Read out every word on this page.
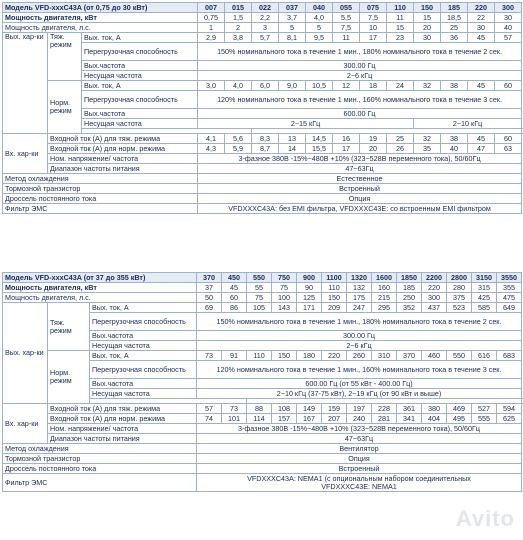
Модель VFD-xxxC43A (от 0,75 до 30 кВт)			007	015	022	037	040	055	075	110	150	185	220	300
Мощность двигателя, кВт			0,75	1,5	2,2	3,7	4,0	5,5	7,5	11	15	18,5	22	30
Мощность двигателя, л.с.			1	2	3	5	5	7,5	10	15	20	25	30	40
Вых. хар-ки	Тяж. режим	Вых. ток, A	2,9	3,8	5,7	8,1	9,5	11	17	23	30	36	45	57
		Перегрузочная способность	150% номинального тока в течение 1 мин., 180% номинального тока в течение 2 сек.											
		Вых.частота	300.00 Гц											
		Несущая частота	2~6 кГц											
	Норм. режим	Вых. ток, A	3,0	4,0	6,0	9,0	10,5	12	18	24	32	38	45	60
		Перегрузочная способность	120% номинального тока в течение 1 мин., 160% номинального тока в течение 3 сек.											
		Вых.частота	600.00 Гц											
		Несущая частота	2~15 кГц								2~10 кГц			

Вх. хар-ки	Входной ток (А) для тяж. режима		4,1	5,6	8,3	13	14,5	16	19	25	32	38	45	60
	Входной ток (А) для норм. режима		4,3	5,9	8,7	14	15,5	17	20	26	35	40	47	63
	Ном. напряжение/ частота		3-фазное 380В -15%~480В +10% (323~528В переменного тока), 50/60Гц											
	Диапазон частоты питания		47~63Гц											
Метод охлаждения			Естественное											
Тормозной транзистор			Встроенный											
Дроссель постоянного тока			Опция											
Фильтр ЭМС			VFDXXXC43A: без EMI фильтра, VFDXXXC43E: со встроенным EMI фильтром											
Модель VFD-xxxC43A (от 37 до 355 кВт)			370	450	550	750	900	1100	1320	1600	1850	2200	2800	3150	3550
Мощность двигателя, кВт			37	45	55	75	90	110	132	160	185	220	280	315	355
Мощность двигателя, л.с.			50	60	75	100	125	150	175	215	250	300	375	425	475
Вых. хар-ки	Тяж. режим	Вых. ток, A	69	86	105	143	171	209	247	295	352	437	523	585	649
		Перегрузочная способность	150% номинального тока в течение 1 мин., 180% номинального тока в течение 2 сек.												
		Вых.частота	300.00 Гц												
		Несущая частота	2~6 кГц												
	Норм. режим	Вых. ток, A	73	91	110	150	180	220	260	310	370	460	550	616	683
		Перегрузочная способность	120% номинального тока в течение 1 мин., 160% номинального тока в течение 3 сек.												
		Вых.частота	600.00 Гц (от 55 кВт - 400.00 Гц)												
		Несущая частота	2~10 кГц (37-75 кВт), 2~19 кГц (от 90 кВт и выше)												

Вх. хар-ки	Входной ток (А) для тяж. режима		57	73	88	108	149	159	197	228	361	380	469	527	594
	Входной ток (А) для норм. режима		74	101	114	157	167	207	240	281	341	404	495	555	625
	Ном. напряжение/ частота		3-фазное 380В -15%~480В +10% (323~528В переменного тока), 50/60Гц												
	Диапазон частоты питания		47~63Гц												
Метод охлаждения			Вентилятор												
Тормозной транзистор			Опция												
Дроссель постоянного тока			Встроенный												
Фильтр ЭМС			VFDXXXC43A: NEMA1 (с опциональным набором соединительных
VFDXXXC43E: NEMA1												
Avito
